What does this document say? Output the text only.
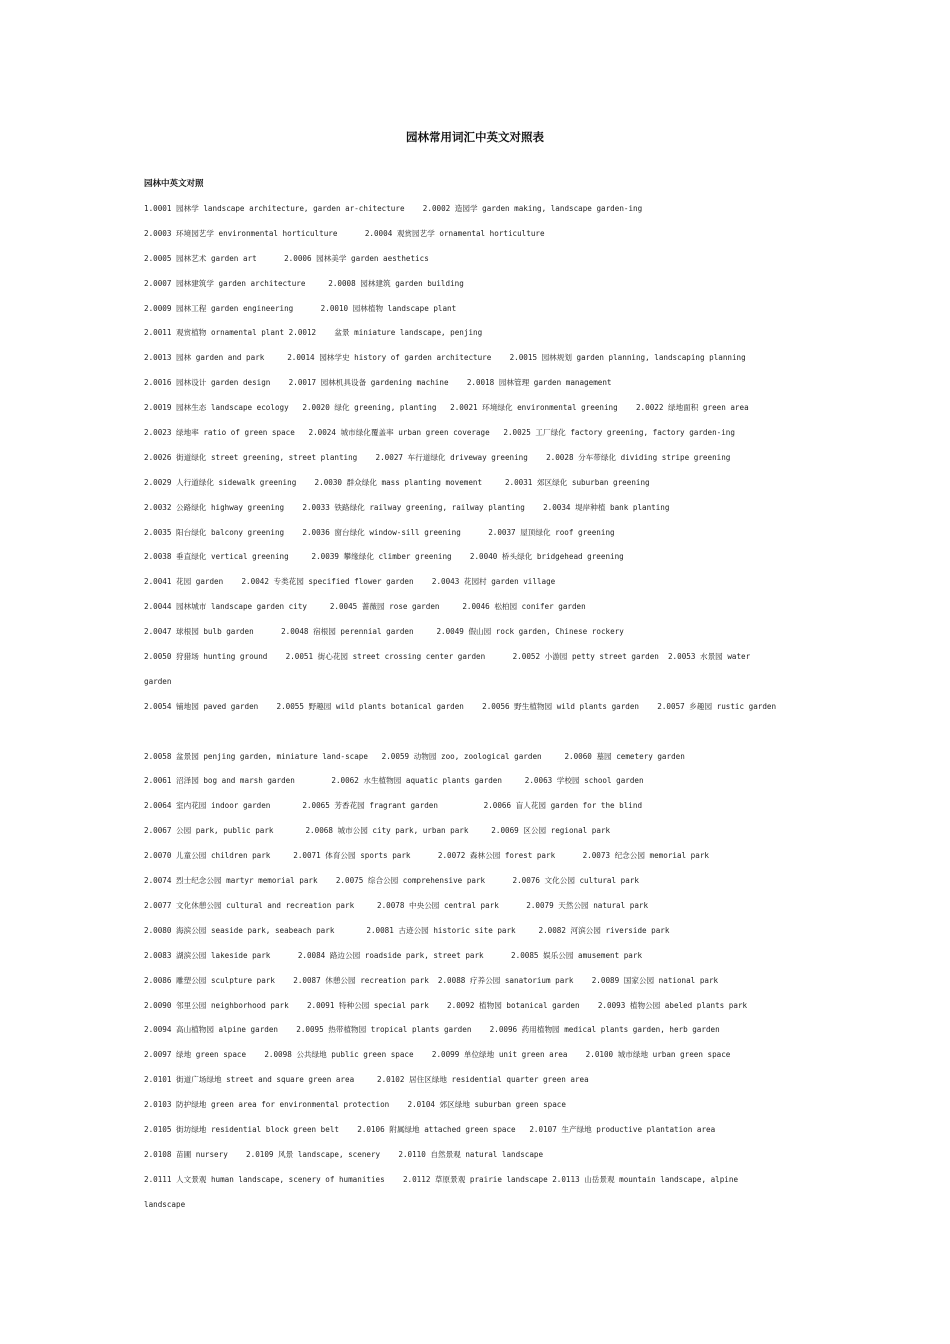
园林常用词汇中英文对照表
园林中英文对照
1.0001 园林学 landscape architecture, garden ar-chitecture    2.0002 造园学 garden making, landscape garden-ing
2.0003 环境园艺学 environmental horticulture      2.0004 观赏园艺学 ornamental horticulture
2.0005 园林艺术 garden art      2.0006 园林美学 garden aesthetics
2.0007 园林建筑学 garden architecture     2.0008 园林建筑 garden building
2.0009 园林工程 garden engineering      2.0010 园林植物 landscape plant
2.0011 观赏植物 ornamental plant 2.0012    盆景 miniature landscape, penjing
2.0013 园林 garden and park     2.0014 园林学史 history of garden architecture    2.0015 园林规划 garden planning, landscaping planning
2.0016 园林设计 garden design    2.0017 园林机具设备 gardening machine    2.0018 园林管理 garden management
2.0019 园林生态 landscape ecology   2.0020 绿化 greening, planting   2.0021 环境绿化 environmental greening    2.0022 绿地面积 green area
2.0023 绿地率 ratio of green space   2.0024 城市绿化覆盖率 urban green coverage   2.0025 工厂绿化 factory greening, factory garden-ing
2.0026 街道绿化 street greening, street planting    2.0027 车行道绿化 driveway greening    2.0028 分车带绿化 dividing stripe greening
2.0029 人行道绿化 sidewalk greening    2.0030 群众绿化 mass planting movement     2.0031 郊区绿化 suburban greening
2.0032 公路绿化 highway greening    2.0033 铁路绿化 railway greening, railway planting    2.0034 堤岸种植 bank planting
2.0035 阳台绿化 balcony greening    2.0036 窗台绿化 window-sill greening      2.0037 屋顶绿化 roof greening
2.0038 垂直绿化 vertical greening     2.0039 攀缘绿化 climber greening    2.0040 桥头绿化 bridgehead greening
2.0041 花园 garden    2.0042 专类花园 specified flower garden    2.0043 花园村 garden village
2.0044 园林城市 landscape garden city     2.0045 蔷薇园 rose garden     2.0046 松柏园 conifer garden
2.0047 球根园 bulb garden      2.0048 宿根园 perennial garden     2.0049 假山园 rock garden, Chinese rockery
2.0050 狩猎场 hunting ground    2.0051 街心花园 street crossing center garden      2.0052 小游园 petty street garden  2.0053 水景园 water
garden
2.0054 铺地园 paved garden    2.0055 野趣园 wild plants botanical garden    2.0056 野生植物园 wild plants garden    2.0057 乡趣园 rustic garden
2.0058 盆景园 penjing garden, miniature land-scape   2.0059 动物园 zoo, zoological garden     2.0060 墓园 cemetery garden
2.0061 沼泽园 bog and marsh garden        2.0062 水生植物园 aquatic plants garden     2.0063 学校园 school garden
2.0064 室内花园 indoor garden       2.0065 芳香花园 fragrant garden          2.0066 盲人花园 garden for the blind
2.0067 公园 park, public park       2.0068 城市公园 city park, urban park     2.0069 区公园 regional park
2.0070 儿童公园 children park     2.0071 体育公园 sports park      2.0072 森林公园 forest park      2.0073 纪念公园 memorial park
2.0074 烈士纪念公园 martyr memorial park    2.0075 综合公园 comprehensive park      2.0076 文化公园 cultural park
2.0077 文化休憩公园 cultural and recreation park     2.0078 中央公园 central park      2.0079 天然公园 natural park
2.0080 海滨公园 seaside park, seabeach park       2.0081 古迹公园 historic site park     2.0082 河滨公园 riverside park
2.0083 湖滨公园 lakeside park      2.0084 路边公园 roadside park, street park      2.0085 娱乐公园 amusement park
2.0086 雕塑公园 sculpture park    2.0087 休憩公园 recreation park  2.0088 疗养公园 sanatorium park    2.0089 国家公园 national park
2.0090 邻里公园 neighborhood park    2.0091 特种公园 special park    2.0092 植物园 botanical garden    2.0093 植物公园 abeled plants park
2.0094 高山植物园 alpine garden    2.0095 热带植物园 tropical plants garden    2.0096 药用植物园 medical plants garden, herb garden
2.0097 绿地 green space    2.0098 公共绿地 public green space    2.0099 单位绿地 unit green area    2.0100 城市绿地 urban green space
2.0101 街道广场绿地 street and square green area     2.0102 居住区绿地 residential quarter green area
2.0103 防护绿地 green area for environmental protection    2.0104 郊区绿地 suburban green space
2.0105 街坊绿地 residential block green belt    2.0106 附属绿地 attached green space   2.0107 生产绿地 productive plantation area
2.0108 苗圃 nursery    2.0109 风景 landscape, scenery    2.0110 自然景观 natural landscape
2.0111 人文景观 human landscape, scenery of humanities    2.0112 草原景观 prairie landscape 2.0113 山岳景观 mountain landscape, alpine
landscape
